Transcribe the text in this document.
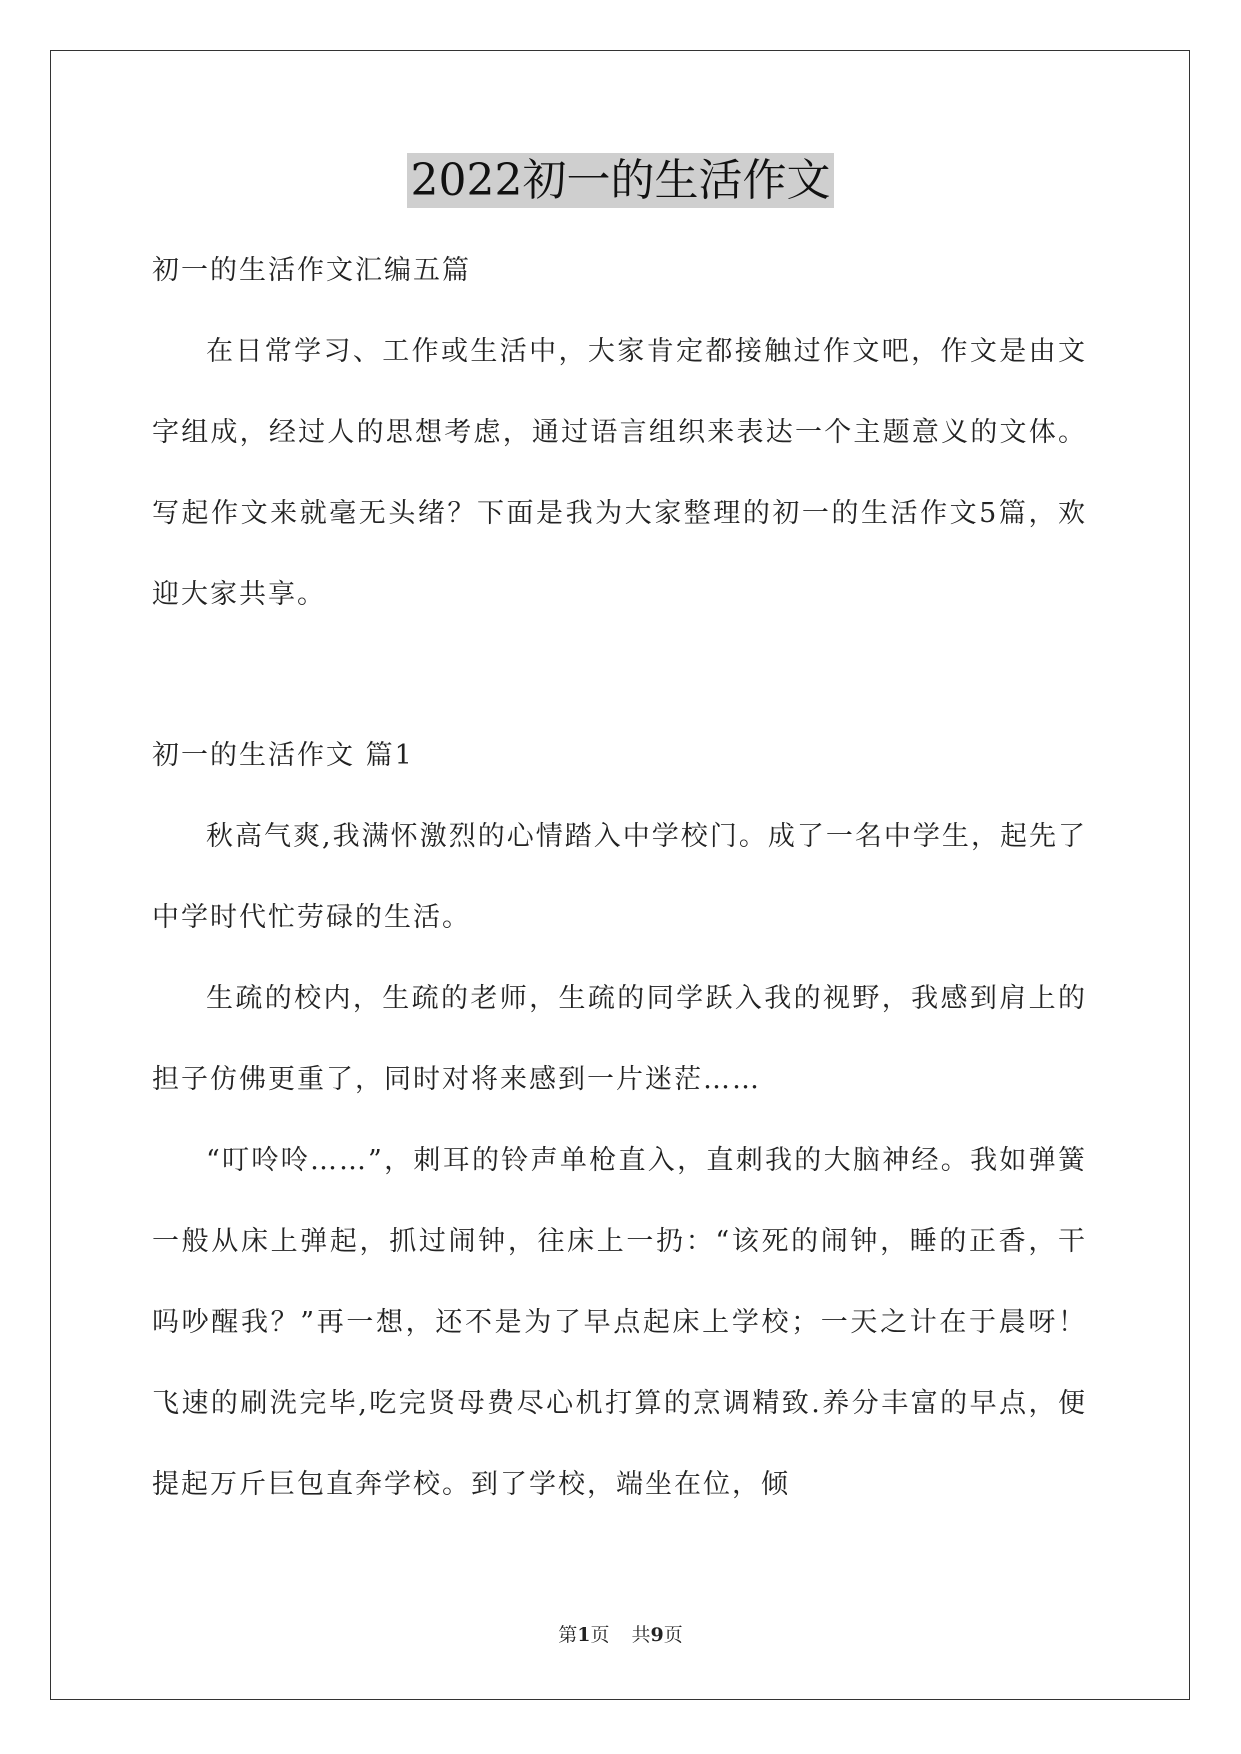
2022初一的生活作文

初一的生活作文汇编五篇

在日常学习、工作或生活中，大家肯定都接触过作文吧，作文是由文字组成，经过人的思想考虑，通过语言组织来表达一个主题意义的文体。写起作文来就毫无头绪？下面是我为大家整理的初一的生活作文5篇，欢迎大家共享。

初一的生活作文 篇1

秋高气爽,我满怀激烈的心情踏入中学校门。成了一名中学生，起先了中学时代忙劳碌的生活。

生疏的校内，生疏的老师，生疏的同学跃入我的视野，我感到肩上的担子仿佛更重了，同时对将来感到一片迷茫……

“叮呤呤……”，刺耳的铃声单枪直入，直刺我的大脑神经。我如弹簧一般从床上弹起，抓过闹钟，往床上一扔：“该死的闹钟，睡的正香，干吗吵醒我？”再一想，还不是为了早点起床上学校；一天之计在于晨呀！飞速的刷洗完毕,吃完贤母费尽心机打算的烹调精致.养分丰富的早点，便提起万斤巨包直奔学校。到了学校，端坐在位，倾

第1页 共9页
